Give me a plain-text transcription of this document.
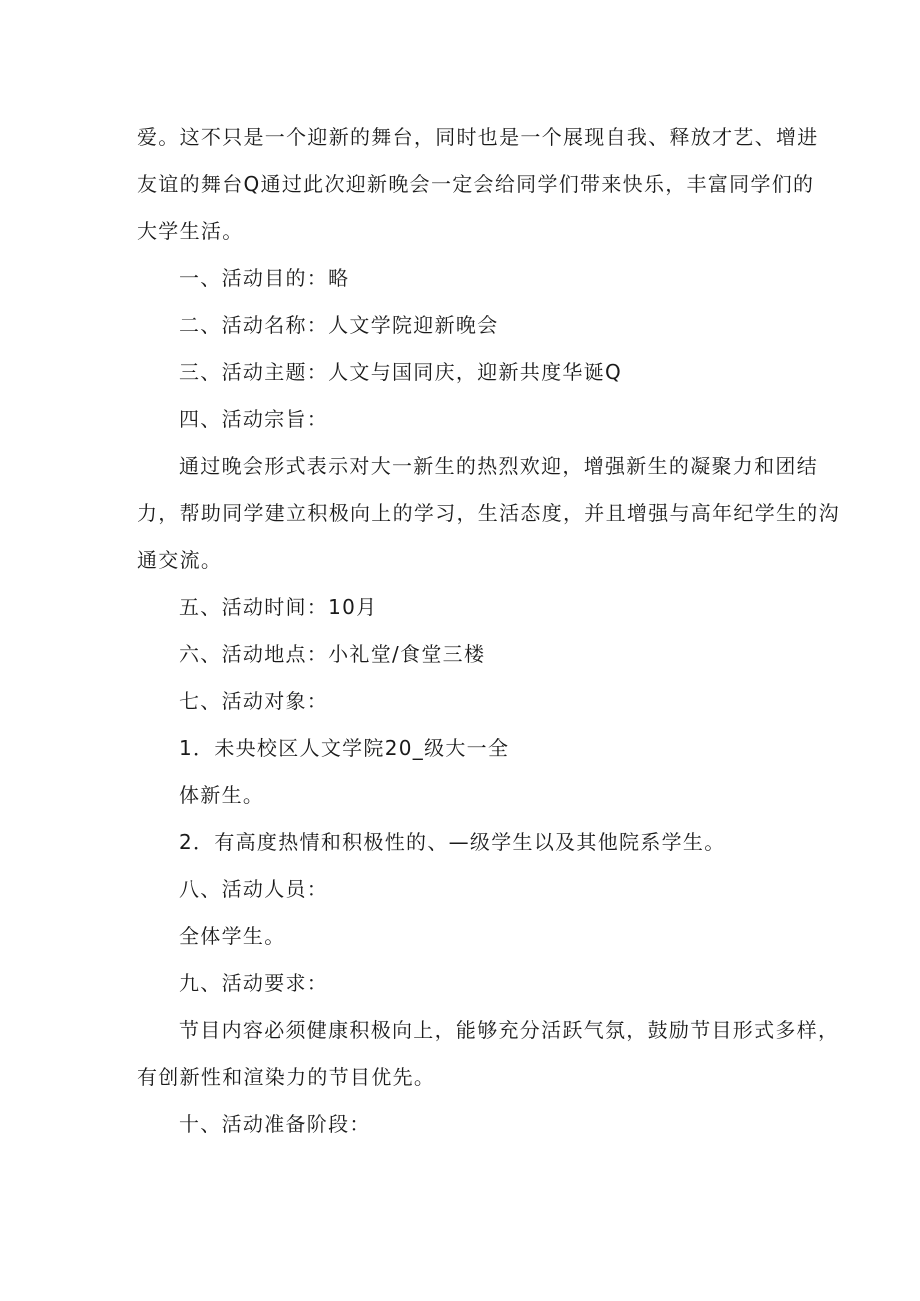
爱。这不只是一个迎新的舞台，同时也是一个展现自我、释放才艺、增进
友谊的舞台Q通过此次迎新晚会一定会给同学们带来快乐，丰富同学们的
大学生活。
一、活动目的：略
二、活动名称：人文学院迎新晚会
三、活动主题：人文与国同庆，迎新共度华诞Q
四、活动宗旨：
通过晚会形式表示对大一新生的热烈欢迎，增强新生的凝聚力和团结
力，帮助同学建立积极向上的学习，生活态度，并且增强与高年纪学生的沟
通交流。
五、活动时间：10月
六、活动地点：小礼堂/食堂三楼
七、活动对象：
1．未央校区人文学院20_级大一全
体新生。
2．有高度热情和积极性的、—级学生以及其他院系学生。
八、活动人员：
全体学生。
九、活动要求：
节目内容必须健康积极向上，能够充分活跃气氛，鼓励节目形式多样，
有创新性和渲染力的节目优先。
十、活动准备阶段：
